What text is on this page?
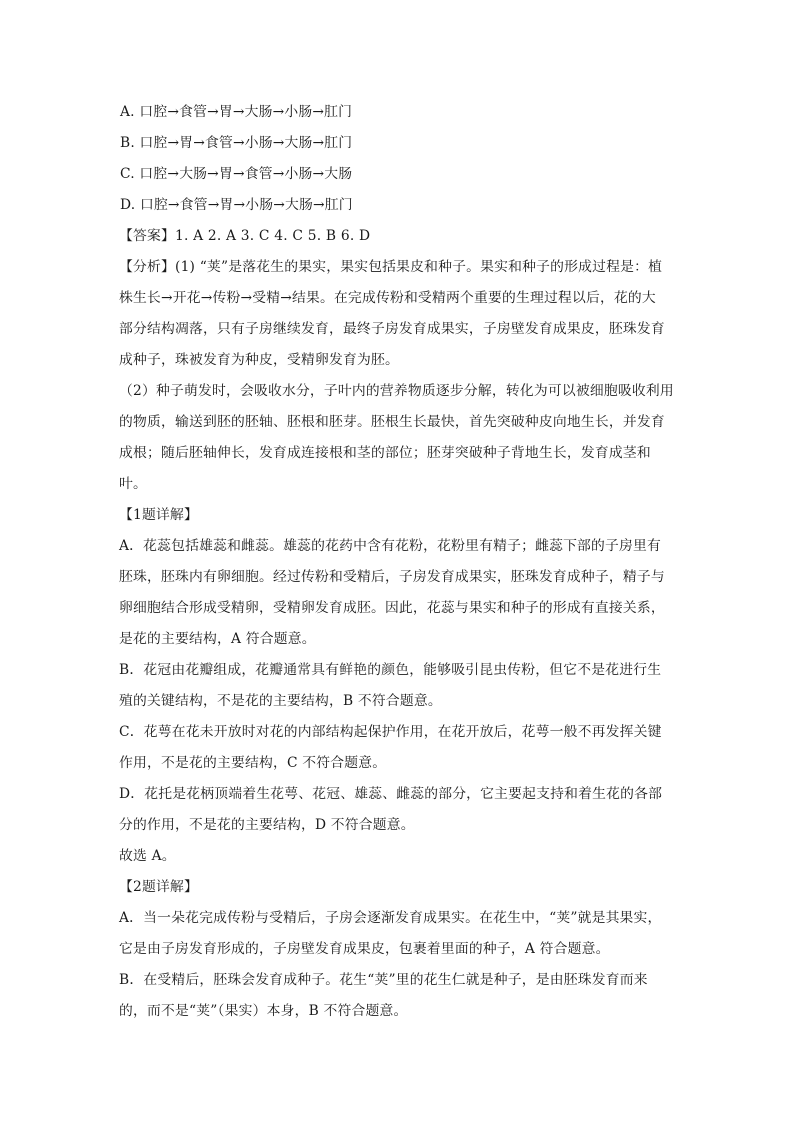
A. 口腔→食管→胃→大肠→小肠→肛门
B. 口腔→胃→食管→小肠→大肠→肛门
C. 口腔→大肠→胃→食管→小肠→大肠
D. 口腔→食管→胃→小肠→大肠→肛门
【答案】1. A 2. A 3. C 4. C 5. B 6. D
【分析】(1) “荚”是落花生的果实，果实包括果皮和种子。果实和种子的形成过程是：植
株生长→开花→传粉→受精→结果。在完成传粉和受精两个重要的生理过程以后，花的大
部分结构凋落，只有子房继续发育，最终子房发育成果实，子房壁发育成果皮，胚珠发育
成种子，珠被发育为种皮，受精卵发育为胚。
（2）种子萌发时，会吸收水分，子叶内的营养物质逐步分解，转化为可以被细胞吸收利用
的物质，输送到胚的胚轴、胚根和胚芽。胚根生长最快，首先突破种皮向地生长，并发育
成根；随后胚轴伸长，发育成连接根和茎的部位；胚芽突破种子背地生长，发育成茎和
叶。
【1题详解】
A．花蕊包括雄蕊和雌蕊。雄蕊的花药中含有花粉，花粉里有精子；雌蕊下部的子房里有
胚珠，胚珠内有卵细胞。经过传粉和受精后，子房发育成果实，胚珠发育成种子，精子与
卵细胞结合形成受精卵，受精卵发育成胚。因此，花蕊与果实和种子的形成有直接关系，
是花的主要结构，A 符合题意。
B．花冠由花瓣组成，花瓣通常具有鲜艳的颜色，能够吸引昆虫传粉，但它不是花进行生
殖的关键结构，不是花的主要结构，B 不符合题意。
C．花萼在花未开放时对花的内部结构起保护作用，在花开放后，花萼一般不再发挥关键
作用，不是花的主要结构，C 不符合题意。
D．花托是花柄顶端着生花萼、花冠、雄蕊、雌蕊的部分，它主要起支持和着生花的各部
分的作用，不是花的主要结构，D 不符合题意。
故选 A。
【2题详解】
A．当一朵花完成传粉与受精后，子房会逐渐发育成果实。在花生中，“荚”就是其果实，
它是由子房发育形成的，子房壁发育成果皮，包裹着里面的种子，A 符合题意。
B．在受精后，胚珠会发育成种子。花生“荚”里的花生仁就是种子，是由胚珠发育而来
的，而不是“荚”（果实）本身，B 不符合题意。
